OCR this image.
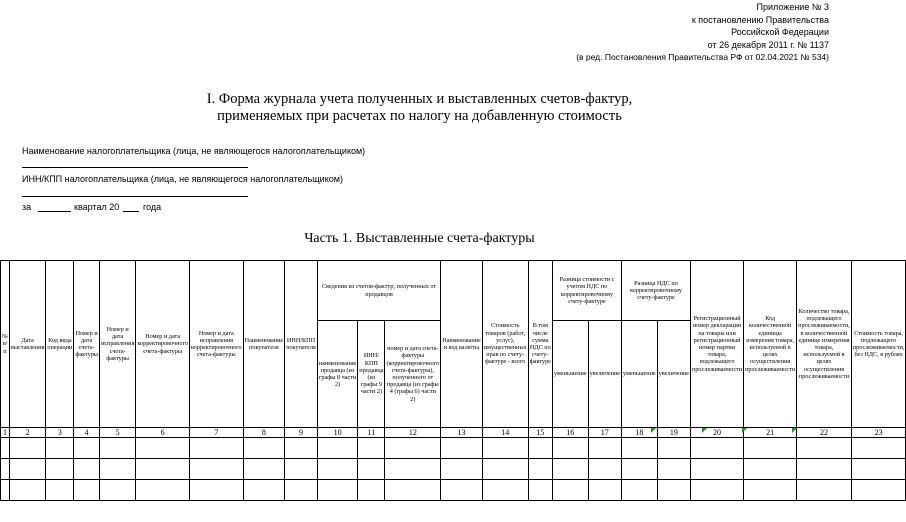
Приложение № 3
к постановлению Правительства
Российской Федерации
от 26 декабря 2011 г. № 1137
(в ред. Постановления Правительства РФ от 02.04.2021 № 534)
I. Форма журнала учета полученных и выставленных счетов-фактур,
применяемых при расчетах по налогу на добавленную стоимость
Наименование налогоплательщика (лица, не являющегося налогоплательщиком)
ИНН/КПП налогоплательщика (лица, не являющегося налогоплательщиком)
за	квартал 20	года
Часть 1. Выставленные счета-фактуры
№ п/п	Дата выставления	Код вида операции	Номер и дата счета-фактуры	Номер и дата исправления счета-фактуры	Номер и дата корректировочного счета-фактуры	Номер и дата исправления корректировочного счета-фактуры	Наименование покупателя	ИНН/КПП покупателя	Сведения из счетов-фактур, полученных от продавцов			Наименование и код валюты	Стоимость товаров (работ, услуг), имущественных прав по счету-фактуре - всего	В том числе сумма НДС по счету-фактуре	Разница стоимости с учетом НДС по корректировочному счету-фактуре		Разница НДС по корректировочному счету-фактуре		Регистрационный номер декларации на товары или регистрационный номер партии товара, подлежащего прослеживаемости	Код количественной единицы измерения товара, используемой в целях осуществления прослеживаемости	Количество товара, подлежащего прослеживаемости, в количественной единице измерения товара, используемой в целях осуществления прослеживаемости	Стоимость товара, подлежащего прослеживаемости, без НДС, в рублях
									наименование продавца (из графы 8 части 2)	ИНН/КПП продавца (из графы 9 части 2)	номер и дата счета-фактуры (корректировочного счета-фактуры), полученного от продавца (из графы 4 (графы 6) части 2)				уменьшение	увеличение	уменьшение	увеличение				
1	2	3	4	5	6	7	8	9	10	11	12	13	14	15	16	17	18	19	20	21	22	23
